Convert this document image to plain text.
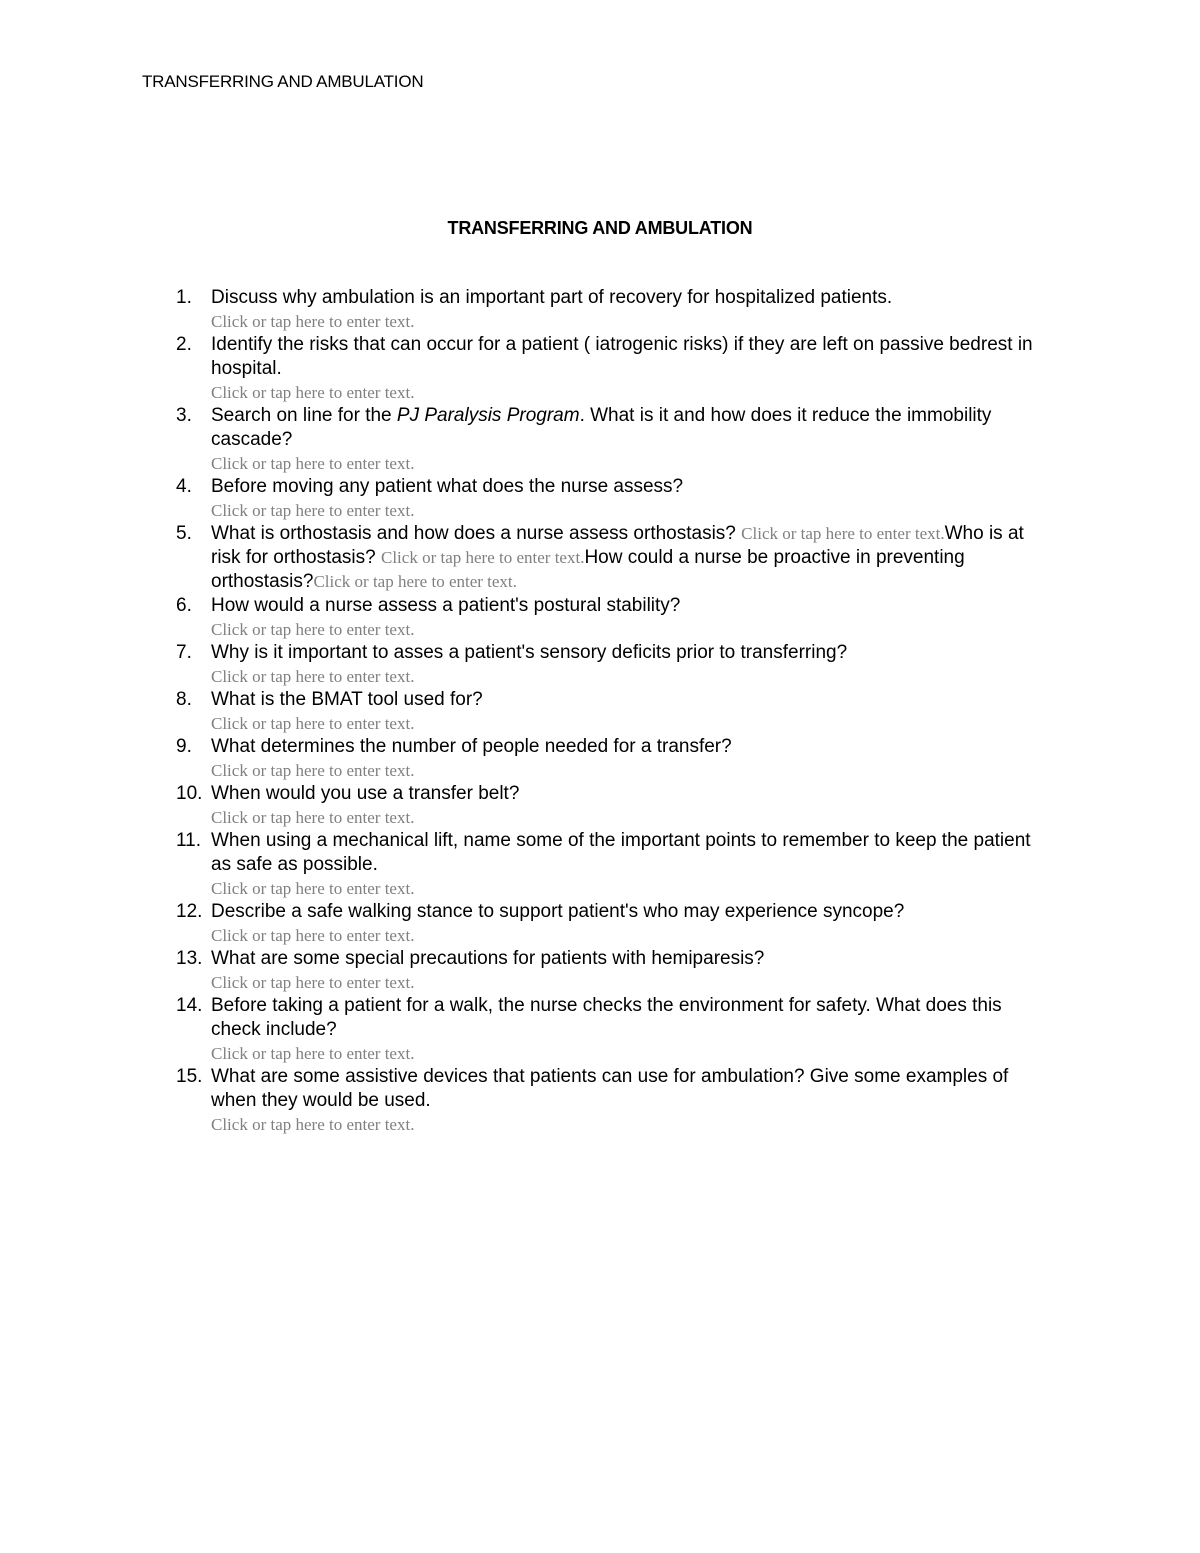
TRANSFERRING AND AMBULATION
TRANSFERRING AND AMBULATION
1. Discuss why ambulation is an important part of recovery for hospitalized patients.
Click or tap here to enter text.
2. Identify the risks that can occur for a patient ( iatrogenic risks) if they are left on passive bedrest in hospital.
Click or tap here to enter text.
3. Search on line for the PJ Paralysis Program. What is it and how does it reduce the immobility cascade?
Click or tap here to enter text.
4. Before moving any patient what does the nurse assess?
Click or tap here to enter text.
5. What is orthostasis and how does a nurse assess orthostasis? Click or tap here to enter text.Who is at risk for orthostasis? Click or tap here to enter text.How could a nurse be proactive in preventing orthostasis?Click or tap here to enter text.
6. How would a nurse assess a patient's postural stability?
Click or tap here to enter text.
7. Why is it important to asses a patient's sensory deficits prior to transferring?
Click or tap here to enter text.
8. What is the BMAT tool used for?
Click or tap here to enter text.
9. What determines the number of people needed for a transfer?
Click or tap here to enter text.
10. When would you use a transfer belt?
Click or tap here to enter text.
11. When using a mechanical lift, name some of the important points to remember to keep the patient as safe as possible.
Click or tap here to enter text.
12. Describe a safe walking stance to support patient's who may experience syncope?
Click or tap here to enter text.
13. What are some special precautions for patients with hemiparesis?
Click or tap here to enter text.
14. Before taking a patient for a walk, the nurse checks the environment for safety. What does this check include?
Click or tap here to enter text.
15. What are some assistive devices that patients can use for ambulation? Give some examples of when they would be used.
Click or tap here to enter text.
